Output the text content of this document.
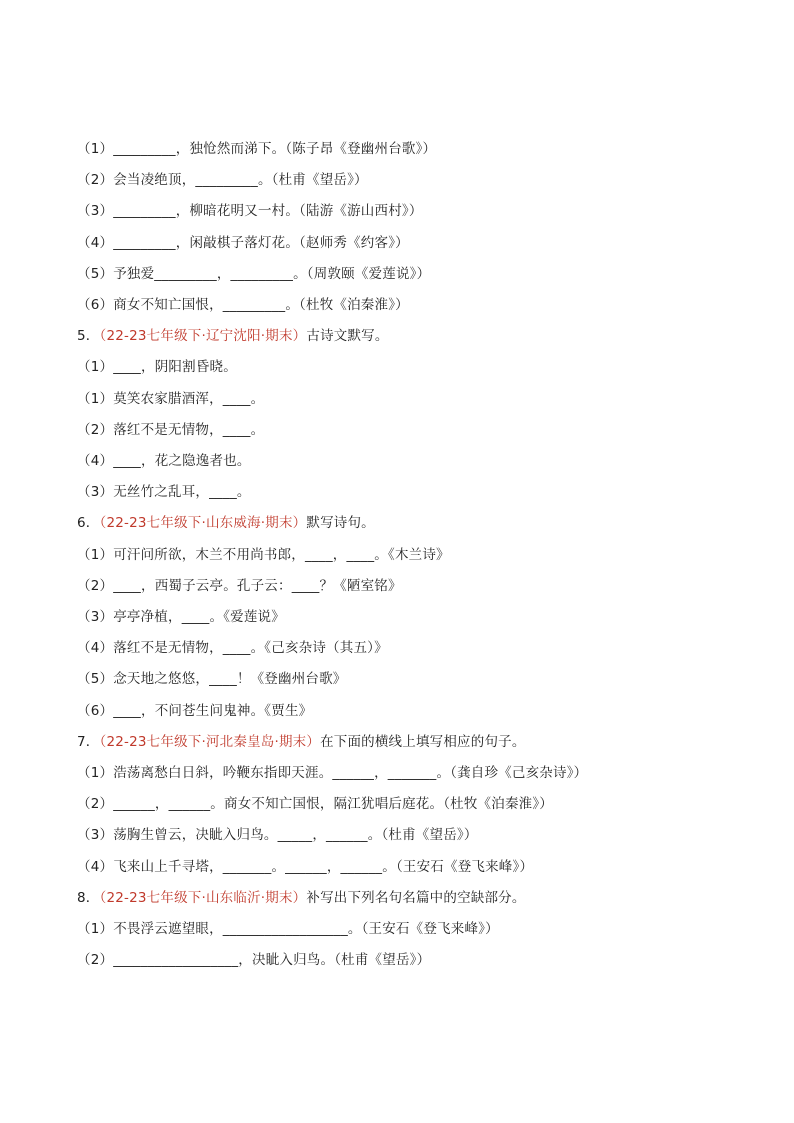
（1）_________，独怆然而涕下。（陈子昂《登幽州台歌》）
（2）会当凌绝顶，_________。（杜甫《望岳》）
（3）_________，柳暗花明又一村。（陆游《游山西村》）
（4）_________，闲敲棋子落灯花。（赵师秀《约客》）
（5）予独爱_________，_________。（周敦颐《爱莲说》）
（6）商女不知亡国恨，_________。（杜牧《泊秦淮》）
5．（22-23七年级下·辽宁沈阳·期末）古诗文默写。
（1）____，阴阳割昏晓。
（1）莫笑农家腊酒浑，____。
（2）落红不是无情物，____。
（4）____，花之隐逸者也。
（3）无丝竹之乱耳，____。
6．（22-23七年级下·山东威海·期末）默写诗句。
（1）可汗问所欲，木兰不用尚书郎，____，____。《木兰诗》
（2）____，西蜀子云亭。孔子云：____？《陋室铭》
（3）亭亭净植，____。《爱莲说》
（4）落红不是无情物，____。《己亥杂诗（其五）》
（5）念天地之悠悠，____！《登幽州台歌》
（6）____，不问苍生问鬼神。《贾生》
7．（22-23七年级下·河北秦皇岛·期末）在下面的横线上填写相应的句子。
（1）浩荡离愁白日斜，吟鞭东指即天涯。______，_______。（龚自珍《己亥杂诗》）
（2）______，______。商女不知亡国恨，隔江犹唱后庭花。（杜牧《泊秦淮》）
（3）荡胸生曾云，决眦入归鸟。_____，______。（杜甫《望岳》）
（4）飞来山上千寻塔，_______。______，______。（王安石《登飞来峰》）
8．（22-23七年级下·山东临沂·期末）补写出下列名句名篇中的空缺部分。
（1）不畏浮云遮望眼，__________________。（王安石《登飞来峰》）
（2）__________________，决眦入归鸟。（杜甫《望岳》）
